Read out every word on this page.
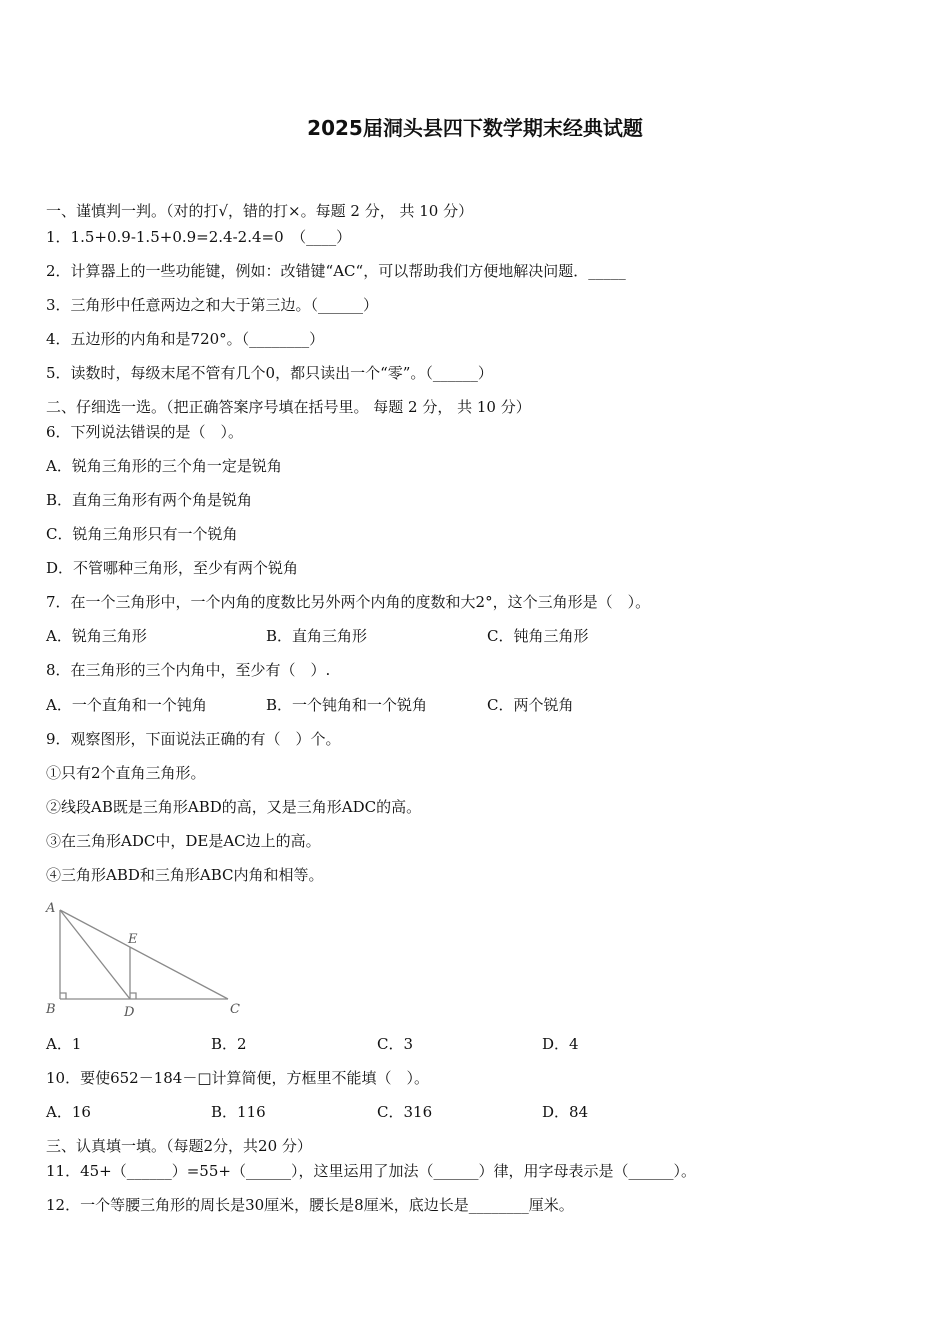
2025届洞头县四下数学期末经典试题
一、谨慎判一判。（对的打√，错的打×。每题 2 分， 共 10 分）
1．1.5+0.9-1.5+0.9=2.4-2.4=0　（____）
2．计算器上的一些功能键，例如：改错键“AC“，可以帮助我们方便地解决问题．_____
3．三角形中任意两边之和大于第三边。（______）
4．五边形的内角和是720°。（________）
5．读数时，每级末尾不管有几个0，都只读出一个“零”。（______）
二、仔细选一选。（把正确答案序号填在括号里。 每题 2 分， 共 10 分）
6．下列说法错误的是（　）。
A．锐角三角形的三个角一定是锐角
B．直角三角形有两个角是锐角
C．锐角三角形只有一个锐角
D．不管哪种三角形，至少有两个锐角
7．在一个三角形中，一个内角的度数比另外两个内角的度数和大2°，这个三角形是（　）。
A．锐角三角形	B．直角三角形	C．钝角三角形
8．在三角形的三个内角中，至少有（　）.
A．一个直角和一个钝角	B．一个钝角和一个锐角	C．两个锐角
9．观察图形，下面说法正确的有（　）个。
①只有2个直角三角形。
②线段AB既是三角形ABD的高，又是三角形ADC的高。
③在三角形ADC中，DE是AC边上的高。
④三角形ABD和三角形ABC内角和相等。
A
B	C
D
E
A．1	B．2	C．3	D．4
10．要使652－184－□计算简便，方框里不能填（　）。
A．16	B．116	C．316	D．84
三、认真填一填。（每题2分，共20 分）
11．45+（______）=55+（______），这里运用了加法（______）律，用字母表示是（______）。
12．一个等腰三角形的周长是30厘米，腰长是8厘米，底边长是________厘米。
